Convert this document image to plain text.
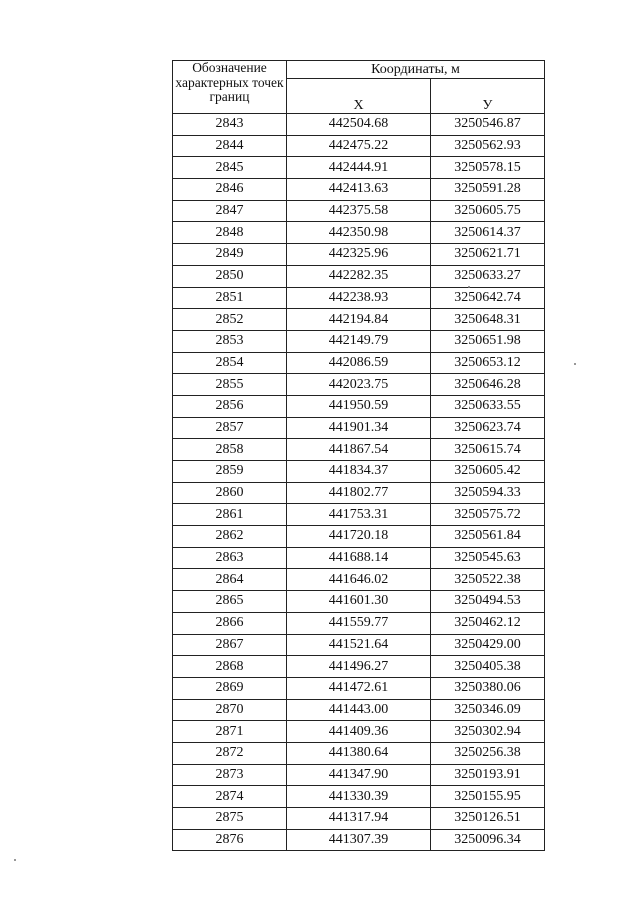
Обозначение характерных точек границ	Координаты, м	
	X	У
2843	442504.68	3250546.87
2844	442475.22	3250562.93
2845	442444.91	3250578.15
2846	442413.63	3250591.28
2847	442375.58	3250605.75
2848	442350.98	3250614.37
2849	442325.96	3250621.71
2850	442282.35	3250633.27
2851	442238.93	3250642.74
2852	442194.84	3250648.31
2853	442149.79	3250651.98
2854	442086.59	3250653.12
2855	442023.75	3250646.28
2856	441950.59	3250633.55
2857	441901.34	3250623.74
2858	441867.54	3250615.74
2859	441834.37	3250605.42
2860	441802.77	3250594.33
2861	441753.31	3250575.72
2862	441720.18	3250561.84
2863	441688.14	3250545.63
2864	441646.02	3250522.38
2865	441601.30	3250494.53
2866	441559.77	3250462.12
2867	441521.64	3250429.00
2868	441496.27	3250405.38
2869	441472.61	3250380.06
2870	441443.00	3250346.09
2871	441409.36	3250302.94
2872	441380.64	3250256.38
2873	441347.90	3250193.91
2874	441330.39	3250155.95
2875	441317.94	3250126.51
2876	441307.39	3250096.34
